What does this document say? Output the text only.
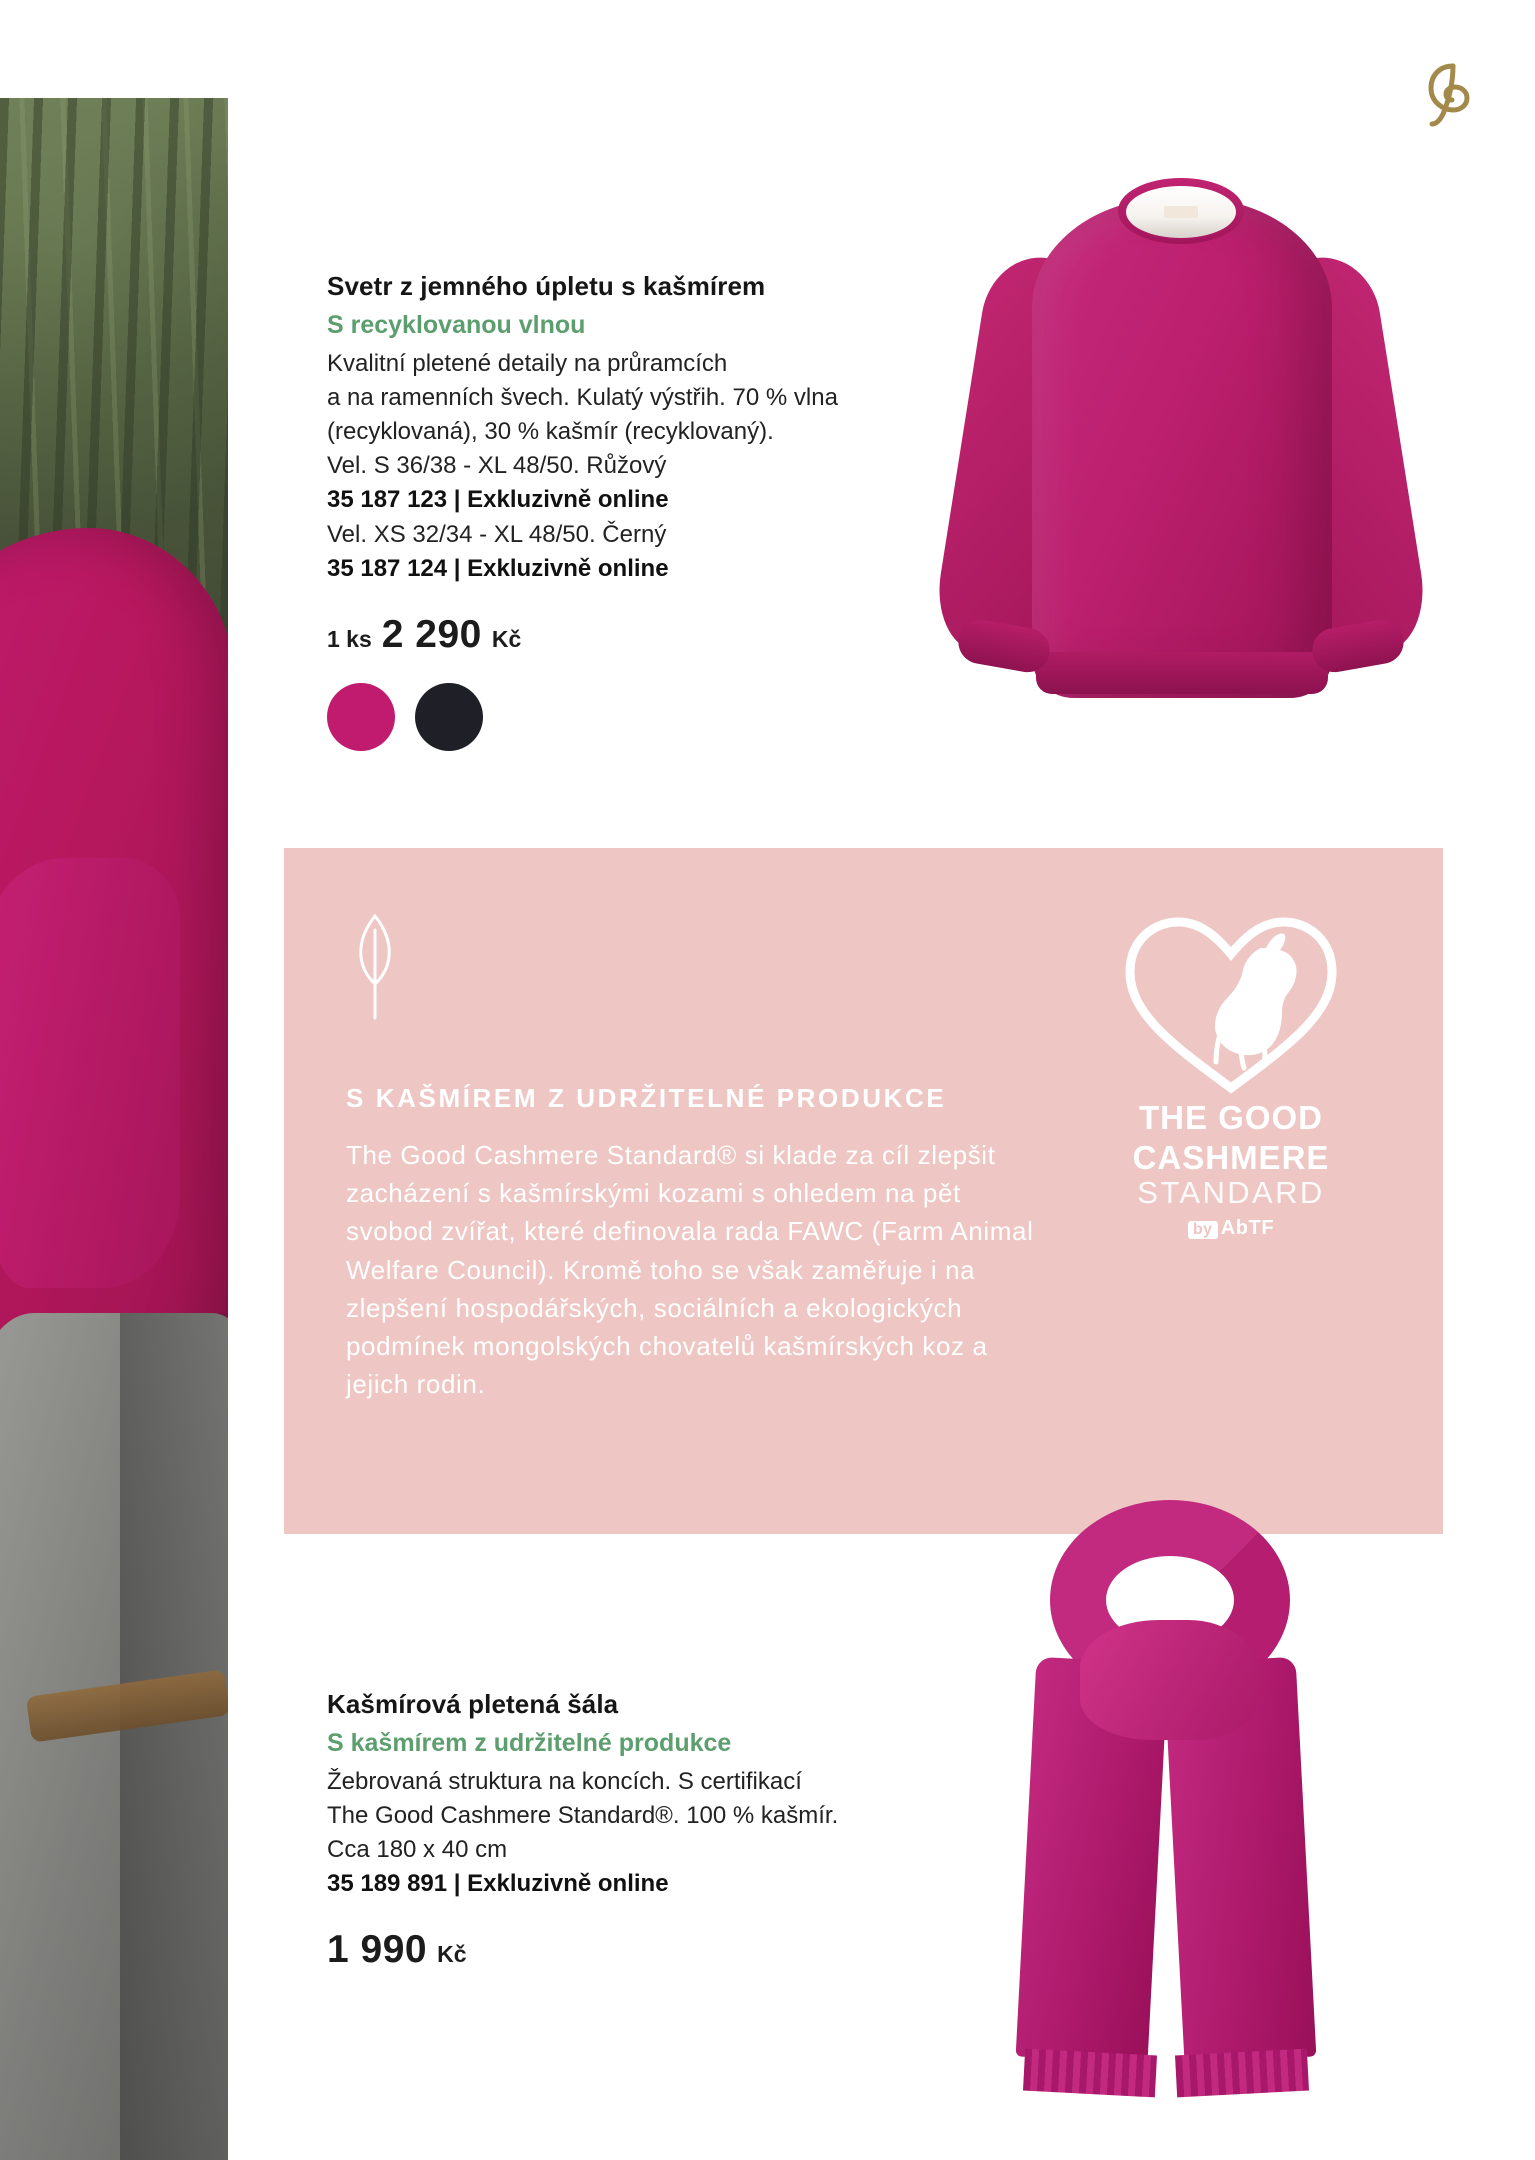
Svetr z jemného úpletu s kašmírem
S recyklovanou vlnou
Kvalitní pletené detaily na průramcích
a na ramenních švech. Kulatý výstřih. 70 % vlna
(recyklovaná), 30 % kašmír (recyklovaný).
Vel. S 36/38 - XL 48/50. Růžový
35 187 123 | Exkluzivně online
Vel. XS 32/34 - XL 48/50. Černý
35 187 124 | Exkluzivně online
1 ks 2 290 Kč
S KAŠMÍREM Z UDRŽITELNÉ PRODUKCE
The Good Cashmere Standard® si klade za cíl zlepšit zacházení s kašmírskými kozami s ohledem na pět svobod zvířat, které definovala rada FAWC (Farm Animal Welfare Council). Kromě toho se však zaměřuje i na zlepšení hospodářských, sociálních a ekologických podmínek mongolských chovatelů kašmírských koz a jejich rodin.
THE GOOD
CASHMERE
STANDARD
by AbTF
Kašmírová pletená šála
S kašmírem z udržitelné produkce
Žebrovaná struktura na koncích. S certifikací
The Good Cashmere Standard®. 100 % kašmír.
Cca 180 x 40 cm
35 189 891 | Exkluzivně online
1 990 Kč
